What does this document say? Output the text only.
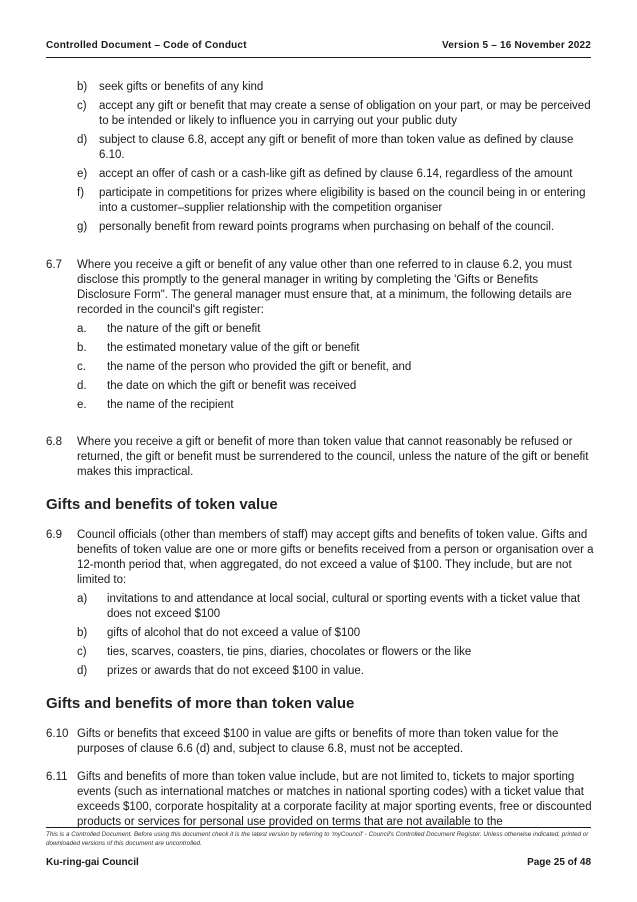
Controlled Document – Code of Conduct	Version 5 – 16 November 2022
b)	seek gifts or benefits of any kind
c)	accept any gift or benefit that may create a sense of obligation on your part, or may be perceived to be intended or likely to influence you in carrying out your public duty
d)	subject to clause 6.8, accept any gift or benefit of more than token value as defined by clause 6.10.
e)	accept an offer of cash or a cash-like gift as defined by clause 6.14, regardless of the amount
f)	participate in competitions for prizes where eligibility is based on the council being in or entering into a customer–supplier relationship with the competition organiser
g)	personally benefit from reward points programs when purchasing on behalf of the council.
6.7	Where you receive a gift or benefit of any value other than one referred to in clause 6.2, you must disclose this promptly to the general manager in writing by completing the 'Gifts or Benefits Disclosure Form". The general manager must ensure that, at a minimum, the following details are recorded in the council's gift register:
a.	the nature of the gift or benefit
b.	the estimated monetary value of the gift or benefit
c.	the name of the person who provided the gift or benefit, and
d.	the date on which the gift or benefit was received
e.	the name of the recipient
6.8	Where you receive a gift or benefit of more than token value that cannot reasonably be refused or returned, the gift or benefit must be surrendered to the council, unless the nature of the gift or benefit makes this impractical.
Gifts and benefits of token value
6.9	Council officials (other than members of staff) may accept gifts and benefits of token value. Gifts and benefits of token value are one or more gifts or benefits received from a person or organisation over a 12-month period that, when aggregated, do not exceed a value of $100. They include, but are not limited to:
a)	invitations to and attendance at local social, cultural or sporting events with a ticket value that does not exceed $100
b)	gifts of alcohol that do not exceed a value of $100
c)	ties, scarves, coasters, tie pins, diaries, chocolates or flowers or the like
d)	prizes or awards that do not exceed $100 in value.
Gifts and benefits of more than token value
6.10 Gifts or benefits that exceed $100 in value are gifts or benefits of more than token value for the purposes of clause 6.6 (d) and, subject to clause 6.8, must not be accepted.
6.11 Gifts and benefits of more than token value include, but are not limited to, tickets to major sporting events (such as international matches or matches in national sporting codes) with a ticket value that exceeds $100, corporate hospitality at a corporate facility at major sporting events, free or discounted products or services for personal use provided on terms that are not available to the
This is a Controlled Document. Before using this document check it is the latest version by referring to 'myCouncil' - Council's Controlled Document Register. Unless otherwise indicated, printed or downloaded versions of this document are uncontrolled.
Ku-ring-gai Council	Page 25 of 48
